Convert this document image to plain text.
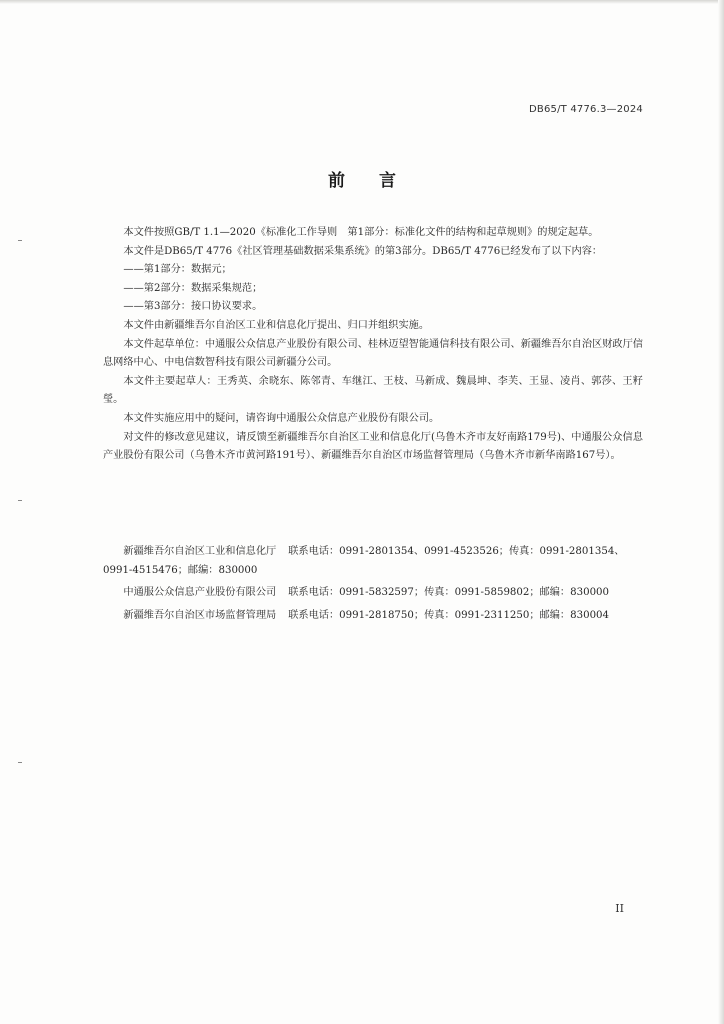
DB65/T 4776.3—2024
前　　言

本文件按照GB/T 1.1—2020《标准化工作导则　第1部分：标准化文件的结构和起草规则》的规定起草。

本文件是DB65/T 4776《社区管理基础数据采集系统》的第3部分。DB65/T 4776已经发布了以下内容：

——第1部分：数据元；

——第2部分：数据采集规范；

——第3部分：接口协议要求。

本文件由新疆维吾尔自治区工业和信息化厅提出、归口并组织实施。

本文件起草单位：中通服公众信息产业股份有限公司、桂林迈望智能通信科技有限公司、新疆维吾尔自治区财政厅信息网络中心、中电信数智科技有限公司新疆分公司。

本文件主要起草人：王秀英、余晓东、陈邻青、车继江、王枝、马新成、魏晨坤、李芙、王显、凌肖、郭莎、王籽瑩。

本文件实施应用中的疑问，请咨询中通服公众信息产业股份有限公司。

对文件的修改意见建议，请反馈至新疆维吾尔自治区工业和信息化厅(乌鲁木齐市友好南路179号)、中通服公众信息产业股份有限公司（乌鲁木齐市黄河路191号）、新疆维吾尔自治区市场监督管理局（乌鲁木齐市新华南路167号）。

新疆维吾尔自治区工业和信息化厅 联系电话：0991-2801354、0991-4523526；传真：0991-2801354、0991-4515476；邮编：830000

中通服公众信息产业股份有限公司 联系电话：0991-5832597；传真：0991-5859802；邮编：830000

新疆维吾尔自治区市场监督管理局 联系电话：0991-2818750；传真：0991-2311250；邮编：830004

II
